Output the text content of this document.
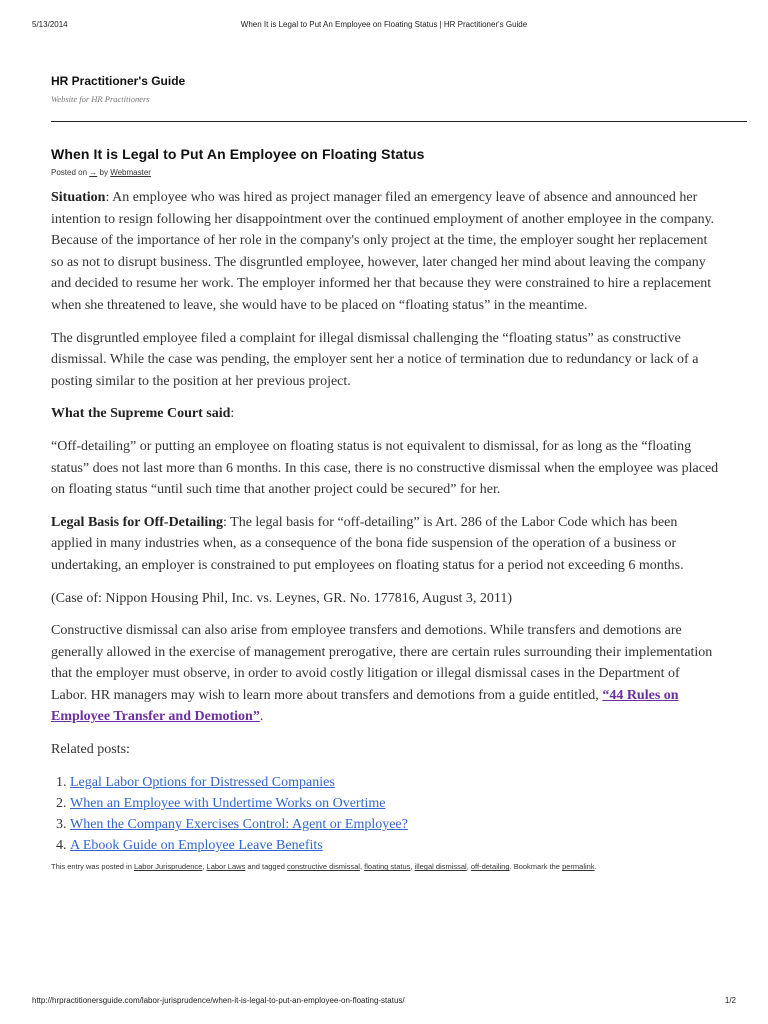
5/13/2014	When It is Legal to Put An Employee on Floating Status | HR Practitioner's Guide
HR Practitioner's Guide
Website for HR Practitioners
When It is Legal to Put An Employee on Floating Status
Posted on → by Webmaster

Situation: An employee who was hired as project manager filed an emergency leave of absence and announced her intention to resign following her disappointment over the continued employment of another employee in the company. Because of the importance of her role in the company's only project at the time, the employer sought her replacement so as not to disrupt business. The disgruntled employee, however, later changed her mind about leaving the company and decided to resume her work. The employer informed her that because they were constrained to hire a replacement when she threatened to leave, she would have to be placed on “floating status” in the meantime.

The disgruntled employee filed a complaint for illegal dismissal challenging the “floating status” as constructive dismissal. While the case was pending, the employer sent her a notice of termination due to redundancy or lack of a posting similar to the position at her previous project.

What the Supreme Court said:

“Off-detailing” or putting an employee on floating status is not equivalent to dismissal, for as long as the “floating status” does not last more than 6 months. In this case, there is no constructive dismissal when the employee was placed on floating status “until such time that another project could be secured” for her.

Legal Basis for Off-Detailing: The legal basis for “off-detailing” is Art. 286 of the Labor Code which has been applied in many industries when, as a consequence of the bona fide suspension of the operation of a business or undertaking, an employer is constrained to put employees on floating status for a period not exceeding 6 months.

(Case of: Nippon Housing Phil, Inc. vs. Leynes, GR. No. 177816, August 3, 2011)

Constructive dismissal can also arise from employee transfers and demotions. While transfers and demotions are generally allowed in the exercise of management prerogative, there are certain rules surrounding their implementation that the employer must observe, in order to avoid costly litigation or illegal dismissal cases in the Department of Labor. HR managers may wish to learn more about transfers and demotions from a guide entitled, “44 Rules on Employee Transfer and Demotion”.

Related posts:

1. Legal Labor Options for Distressed Companies
2. When an Employee with Undertime Works on Overtime
3. When the Company Exercises Control: Agent or Employee?
4. A Ebook Guide on Employee Leave Benefits
This entry was posted in Labor Jurisprudence, Labor Laws and tagged constructive dismissal, floating status, illegal dismissal, off-detailing. Bookmark the permalink.
http://hrpractitionersguide.com/labor-jurisprudence/when-it-is-legal-to-put-an-employee-on-floating-status/	1/2
